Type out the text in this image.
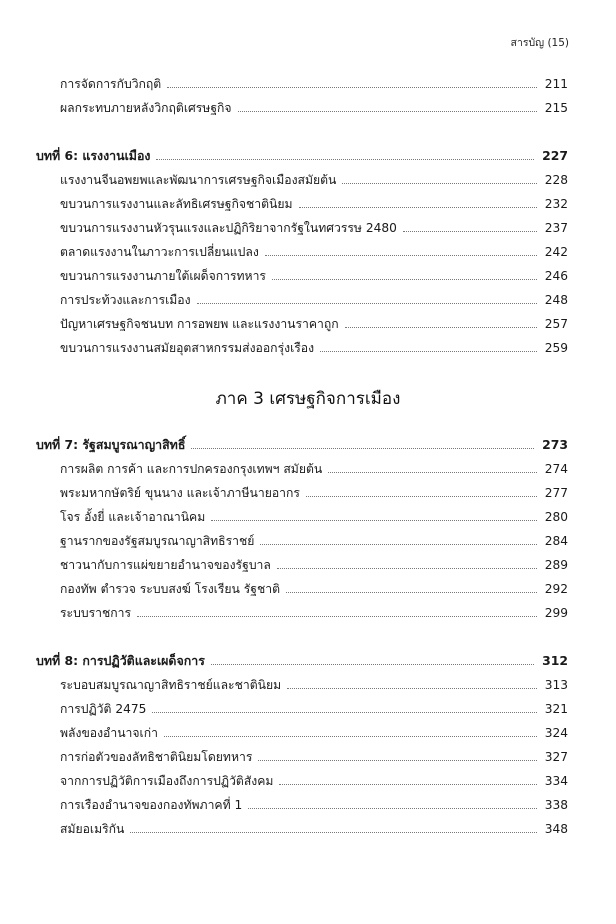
สารบัญ (15)
การจัดการกับวิกฤติ	211
ผลกระทบภายหลังวิกฤติเศรษฐกิจ	215
บทที่ 6: แรงงานเมือง	227
แรงงานจีนอพยพและพัฒนาการเศรษฐกิจเมืองสมัยต้น	228
ขบวนการแรงงานและลัทธิเศรษฐกิจชาตินิยม	232
ขบวนการแรงงานหัวรุนแรงและปฏิกิริยาจากรัฐในทศวรรษ 2480	237
ตลาดแรงงานในภาวะการเปลี่ยนแปลง	242
ขบวนการแรงงานภายใต้เผด็จการทหาร	246
การประท้วงและการเมือง	248
ปัญหาเศรษฐกิจชนบท การอพยพ และแรงงานราคาถูก	257
ขบวนการแรงงานสมัยอุตสาหกรรมส่งออกรุ่งเรือง	259
ภาค 3 เศรษฐกิจการเมือง
บทที่ 7: รัฐสมบูรณาญาสิทธิ์	273
การผลิต การค้า และการปกครองกรุงเทพฯ สมัยต้น	274
พระมหากษัตริย์ ขุนนาง และเจ้าภาษีนายอากร	277
โจร อั้งยี่ และเจ้าอาณานิคม	280
ฐานรากของรัฐสมบูรณาญาสิทธิราชย์	284
ชาวนากับการแผ่ขยายอำนาจของรัฐบาล	289
กองทัพ ตำรวจ ระบบสงฆ์ โรงเรียน รัฐชาติ	292
ระบบราชการ	299
บทที่ 8: การปฏิวัติและเผด็จการ	312
ระบอบสมบูรณาญาสิทธิราชย์และชาตินิยม	313
การปฏิวัติ 2475	321
พลังของอำนาจเก่า	324
การก่อตัวของลัทธิชาตินิยมโดยทหาร	327
จากการปฏิวัติการเมืองถึงการปฏิวัติสังคม	334
การเรืองอำนาจของกองทัพภาคที่ 1	338
สมัยอเมริกัน	348
